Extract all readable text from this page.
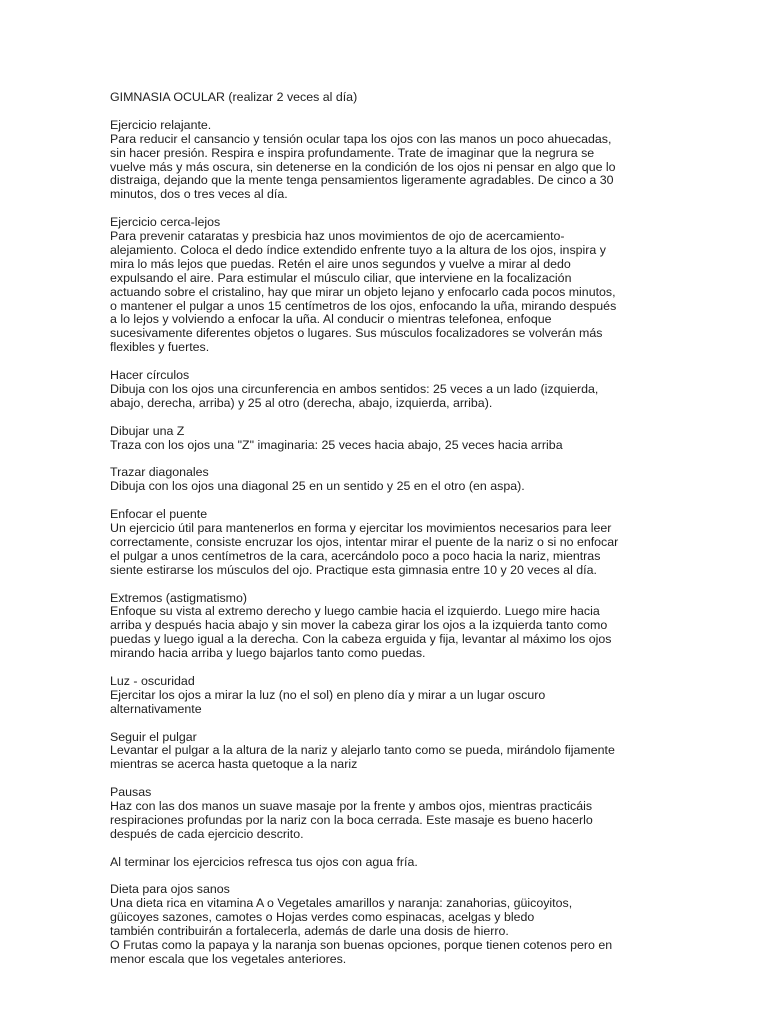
GIMNASIA OCULAR (realizar 2 veces al día)
Ejercicio relajante.
Para reducir el cansancio y tensión ocular tapa los ojos con las manos un poco ahuecadas,
sin hacer presión. Respira e inspira profundamente. Trate de imaginar que la negrura se
vuelve más y más oscura, sin detenerse en la condición de los ojos ni pensar en algo que lo
distraiga, dejando que la mente tenga pensamientos ligeramente agradables. De cinco a 30
minutos, dos o tres veces al día.
Ejercicio cerca-lejos
Para prevenir cataratas y presbicia haz unos movimientos de ojo de acercamiento-
alejamiento. Coloca el dedo índice extendido enfrente tuyo a la altura de los ojos, inspira y
mira lo más lejos que puedas. Retén el aire unos segundos y vuelve a mirar al dedo
expulsando el aire. Para estimular el músculo ciliar, que interviene en la focalización
actuando sobre el cristalino, hay que mirar un objeto lejano y enfocarlo cada pocos minutos,
o mantener el pulgar a unos 15 centímetros de los ojos, enfocando la uña, mirando después
a lo lejos y volviendo a enfocar la uña. Al conducir o mientras telefonea, enfoque
sucesivamente diferentes objetos o lugares. Sus músculos focalizadores se volverán más
flexibles y fuertes.
Hacer círculos
Dibuja con los ojos una circunferencia en ambos sentidos: 25 veces a un lado (izquierda,
abajo, derecha, arriba) y 25 al otro (derecha, abajo, izquierda, arriba).
Dibujar una Z
Traza con los ojos una "Z" imaginaria: 25 veces hacia abajo, 25 veces hacia arriba
Trazar diagonales
Dibuja con los ojos una diagonal 25 en un sentido y 25 en el otro (en aspa).
Enfocar el puente
Un ejercicio útil para mantenerlos en forma y ejercitar los movimientos necesarios para leer
correctamente, consiste encruzar los ojos, intentar mirar el puente de la nariz o si no enfocar
el pulgar a unos centímetros de la cara, acercándolo poco a poco hacia la nariz, mientras
siente estirarse los músculos del ojo. Practique esta gimnasia entre 10 y 20 veces al día.
Extremos (astigmatismo)
Enfoque su vista al extremo derecho y luego cambie hacia el izquierdo. Luego mire hacia
arriba y después hacia abajo y sin mover la cabeza girar los ojos a la izquierda tanto como
puedas y luego igual a la derecha. Con la cabeza erguida y fija, levantar al máximo los ojos
mirando hacia arriba y luego bajarlos tanto como puedas.
Luz - oscuridad
Ejercitar los ojos a mirar la luz (no el sol) en pleno día y mirar a un lugar oscuro
alternativamente
Seguir el pulgar
Levantar el pulgar a la altura de la nariz y alejarlo tanto como se pueda, mirándolo fijamente
mientras se acerca hasta quetoque a la nariz
Pausas
Haz con las dos manos un suave masaje por la frente y ambos ojos, mientras practicáis
respiraciones profundas por la nariz con la boca cerrada. Este masaje es bueno hacerlo
después de cada ejercicio descrito.
Al terminar los ejercicios refresca tus ojos con agua fría.
Dieta para ojos sanos
Una dieta rica en vitamina A o Vegetales amarillos y naranja: zanahorias, güicoyitos,
güicoyes sazones, camotes o Hojas verdes como espinacas, acelgas y bledo
también contribuirán a fortalecerla, además de darle una dosis de hierro.
O Frutas como la papaya y la naranja son buenas opciones, porque tienen cotenos pero en
menor escala que los vegetales anteriores.
